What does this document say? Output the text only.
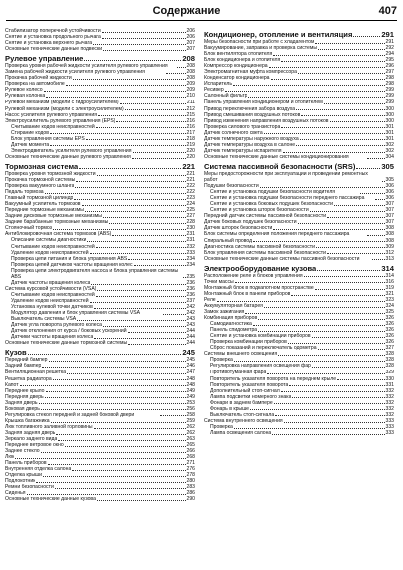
Содержание	407
Стабилизатор поперечной устойчивости	206
Снятие и установка продольного рычага	206
Снятие и установка верхнего рычага	207
Основные технические данные подвески	207
Рулевое управление	208
Проверка уровня рабочей жидкости усилителя рулевого управления	208
Замена рабочей жидкости усилителя рулевого управления	208
Прокачка рабочей жидкости	208
Проверка на автомобиле	209
Рулевое колесо	209
Рулевая колонка	210
Рулевой механизм (модели с гидроусилителем)	211
Рулевой механизм (модели с электроусилителем)	212
Насос усилителя рулевого управления	215
Электроусилитель рулевого управления (EPS)	216
Считывание кодов неисправностей	216
Стирание кодов	217
Блок управления системы EPS	218
Датчик момента	219
Электродвигатель усилителя рулевого управления	220
Основные технические данные рулевого управления	220
Тормозная система	221
Проверка уровня тормозной жидкости	221
Прокачка тормозной системы	221
Проверка вакуумного шланга	222
Педаль тормоза	222
Главный тормозной цилиндр	223
Вакуумный усилитель тормозов	224
Передние тормозные механизмы	225
Задние дисковые тормозные механизмы	227
Задние барабанные тормозные механизмы	228
Стояночный тормоз	230
Антиблокировочная система тормозов (ABS)	231
Описание системы диагностики	231
Считывание кодов неисправностей	232
Удаление кодов неисправностей	233
Проверка цепи питания и блока управления ABS	234
Проверка цепей датчиков частоты вращения колес	234
Проверка цепи электродвигателя насоса и блока управления системы ABS	235
Датчик частоты вращения колеса	236
Система курсовой устойчивости (VSA)	236
Считывание кодов неисправностей	236
Удаление кодов неисправностей	237
Установка нулевой точки датчиков	242
Модулятор давления и блок управления системы VSA	242
Выключатель системы VSA	243
Датчик угла поворота рулевого колеса	243
Датчик отклонения от курса / боковых ускорений	244
Датчики частоты вращения колеса	244
Основные технические данные тормозной системы	244
Кузов	245
Передний бампер	245
Задний бампер	246
Вентиляционная решетка	247
Решетка радиатора	248
Капот	248
Переднее крыло	249
Передняя дверь	249
Задняя дверь	253
Боковая дверь	256
Регулировка стекол передней и задней боковой двери	258
Крышка багажника	259
Люк топливного заливной горловины	262
Задняя задняя дверь	262
Зеркало заднего вида	263
Переднее ветровое окно	265
Заднее стекло	266
Люк	268
Панель приборов	271
Внутренняя отделка салона	276
Отделка крыши	278
Подлокотник	280
Ремни безопасности	283
Сиденья	286
Основные технические данные кузова	290
Кондиционер, отопление и вентиляция	291
Меры безопасности при работе с хладагентом	291
Вакуумирование, заправка и проверка системы	292
Блок вентилятора отопителя	294
Блок кондиционера и отопителя	295
Компрессор кондиционера	296
Электромагнитная муфта компрессора	297
Конденсатор кондиционера	298
Испаритель	298
Ресивер	299
Салонный фильтр	299
Панель управления кондиционером и отопителем	299
Привод переключения забора воздуха	300
Привод смешивания воздушных потоков	300
Привод изменения направления воздушных потоков	300
Проверка силового транзистора	301
Датчик солнечного света	301
Датчик температуры наружного воздуха	301
Датчик температуры воздуха в салоне	302
Датчик температуры испарителя	302
Основные технические данные системы кондиционирования	304
Система пассивной безопасности (SRS)	305
Меры предосторожности при эксплуатации и проведении ремонтных работ	305
Подушки безопасности	306
Снятие и установка подушки безопасности водителя	306
Снятие и установка подушки безопасности переднего пассажира	306
Снятие и установка боковых подушек безопасности	307
Снятие и установка шторок безопасности	307
Передний датчик системы пассивной безопасности	307
Датчик боковых подушек безопасности	307
Датчик шторок безопасности	308
Блок системы определения положения переднего пассажира	308
Спиральный провод	308
Диагностика системы пассивной безопасности	309
Блок управления системы пассивной безопасности	312
Основные технические данные системы пассивной безопасности	313
Электрооборудование кузова	314
Расположение реле и блоков управления	314
Точки массы	316
Монтажный блок в подкапотном пространстве	319
Монтажный блок в панели приборов	321
Реле	323
Аккумуляторная батарея	324
Замок зажигания	325
Комбинация приборов	326
Самодиагностика	326
Панель спидометра	326
Снятие и установка комбинации приборов	326
Проверка комбинации приборов	326
Сброс показаний и переключатель одометра	327
Системы внешнего освещения	328
Проверка	328
Регулировка направления освещения фар	328
Противотуманная фара	329
Повторитель указателя поворота на переднем крыле	330
Повторитель указателя поворота	331
Дополнительный стоп-сигнал	332
Лампа подсветки номерного знака	332
Фонари в заднем бампере	332
Фонарь в крыше	332
Выключатель стоп-сигнала	332
Система внутреннего освещения	333
Проверка	333
Лампа освещения салона	333
